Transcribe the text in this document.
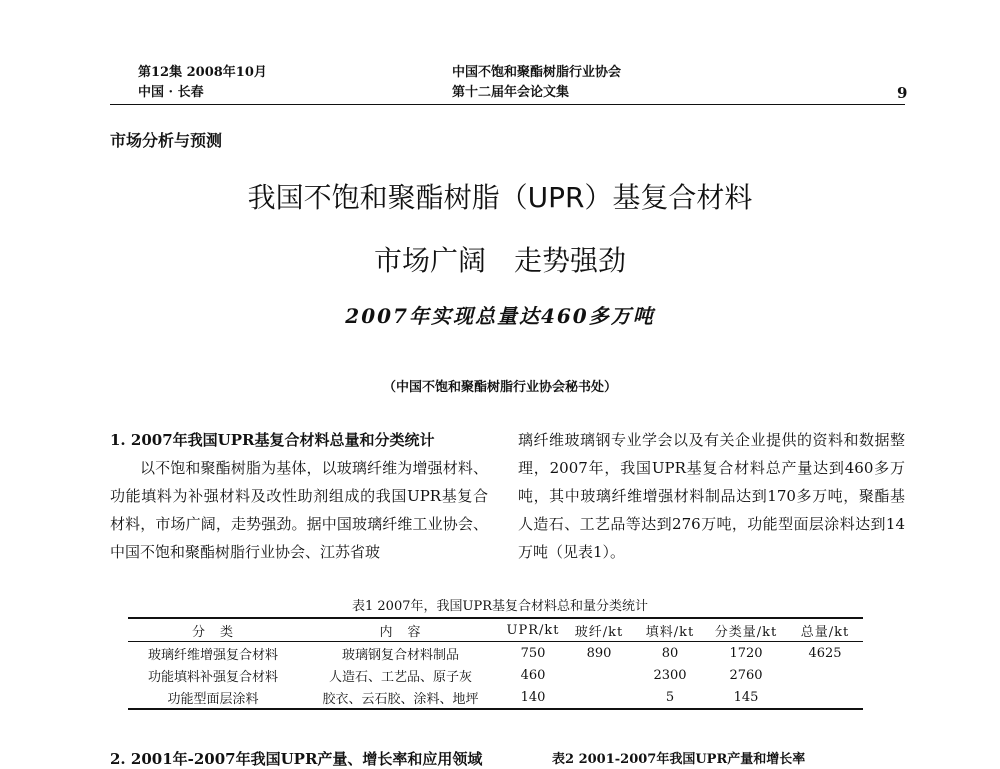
第12集 2008年10月
中国 · 长春
中国不饱和聚酯树脂行业协会
第十二届年会论文集	9
市场分析与预测
我国不饱和聚酯树脂（UPR）基复合材料
市场广阔　走势强劲
2007年实现总量达460多万吨
（中国不饱和聚酯树脂行业协会秘书处）

1. 2007年我国UPR基复合材料总量和分类统计

以不饱和聚酯树脂为基体，以玻璃纤维为增强材料、功能填料为补强材料及改性助剂组成的我国UPR基复合材料，市场广阔，走势强劲。据中国玻璃纤维工业协会、中国不饱和聚酯树脂行业协会、江苏省玻

璃纤维玻璃钢专业学会以及有关企业提供的资料和数据整理，2007年，我国UPR基复合材料总产量达到460多万吨，其中玻璃纤维增强材料制品达到170多万吨，聚酯基人造石、工艺品等达到276万吨，功能型面层涂料达到14万吨（见表1）。

表1 2007年，我国UPR基复合材料总和量分类统计
分　类	内　容	UPR/kt	玻纤/kt	填料/kt	分类量/kt	总量/kt
玻璃纤维增强复合材料	玻璃钢复合材料制品	750	890	80	1720	4625
功能填料补强复合材料	人造石、工艺品、原子灰	460		2300	2760	
功能型面层涂料	胶衣、云石胶、涂料、地坪	140		5	145	
2. 2001年-2007年我国UPR产量、增长率和应用领域	表2 2001-2007年我国UPR产量和增长率
